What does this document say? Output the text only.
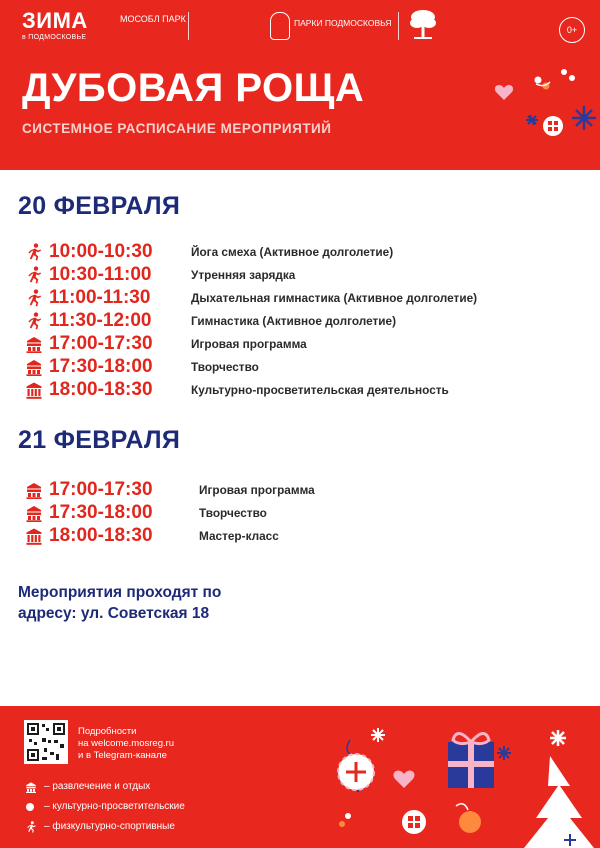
ЗИМА
в ПОДМОСКОВЬЕ
МОСОБЛ ПАРК	ПАРКИ ПОДМОСКОВЬЯ
0+
ДУБОВАЯ РОЩА
СИСТЕМНОЕ РАСПИСАНИЕ МЕРОПРИЯТИЙ
20 ФЕВРАЛЯ
10:00-10:30	Йога смеха (Активное долголетие)
10:30-11:00	Утренняя зарядка
11:00-11:30	Дыхательная гимнастика (Активное долголетие)
11:30-12:00	Гимнастика (Активное долголетие)
17:00-17:30	Игровая программа
17:30-18:00	Творчество
18:00-18:30	Культурно-просветительская деятельность
21 ФЕВРАЛЯ
17:00-17:30	Игровая программа
17:30-18:00	Творчество
18:00-18:30	Мастер-класс
Мероприятия проходят по
адресу: ул. Советская 18
Подробности
на welcome.mosreg.ru
и в Telegram-канале
– развлечение и отдых
– культурно-просветительские
– физкультурно-спортивные
